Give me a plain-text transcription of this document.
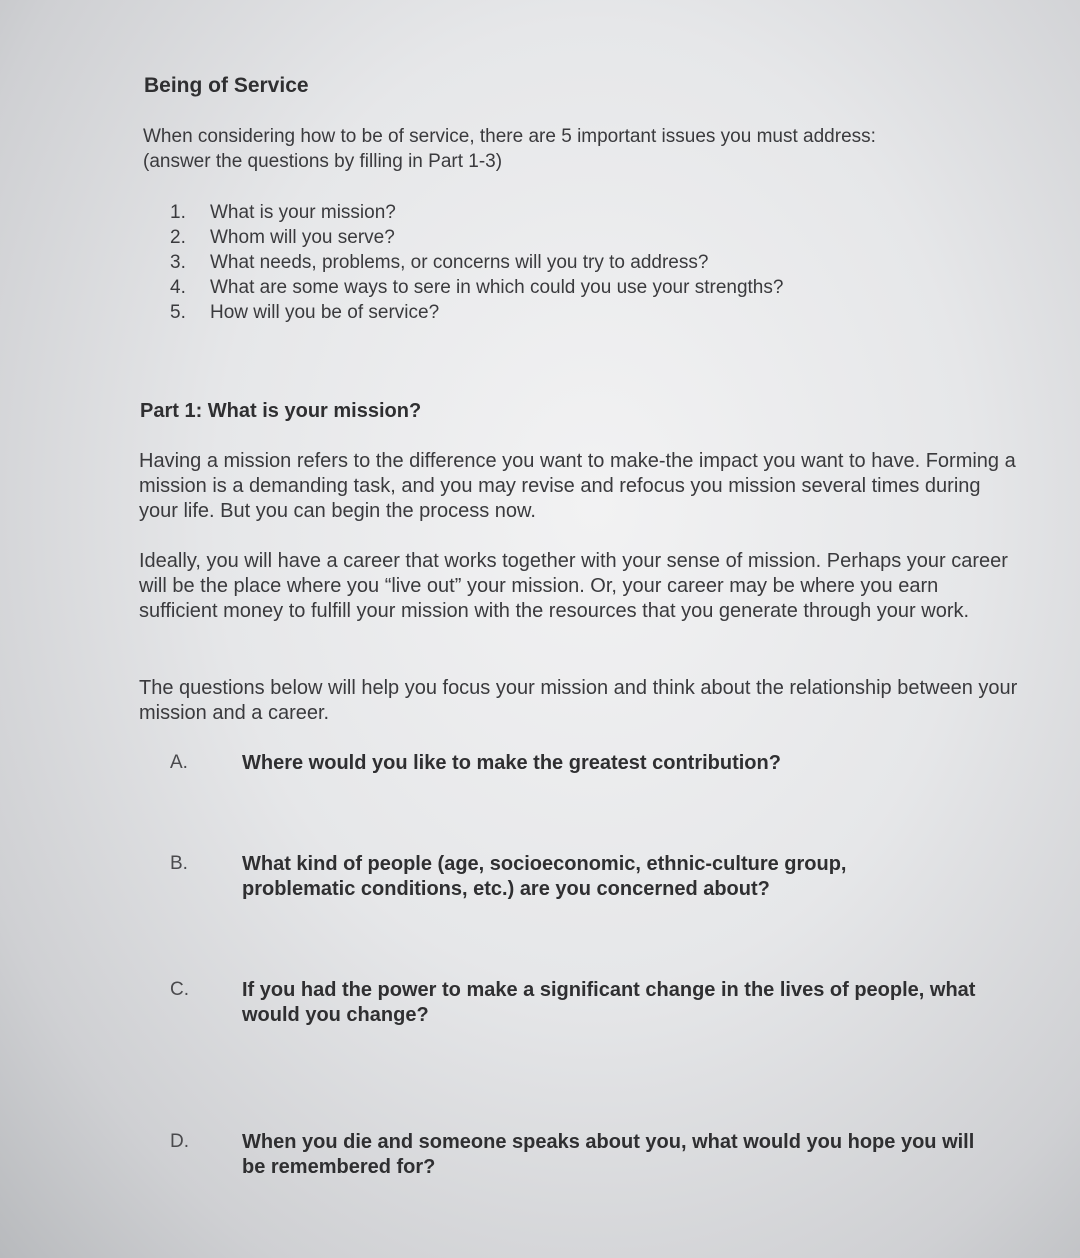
Being of Service
When considering how to be of service, there are 5 important issues you must address:
(answer the questions by filling in Part 1-3)
1.	What is your mission?
2.	Whom will you serve?
3.	What needs, problems, or concerns will you try to address?
4.	What are some ways to sere in which could you use your strengths?
5.	How will you be of service?
Part 1: What is your mission?
Having a mission refers to the difference you want to make-the impact you want to have. Forming a mission is a demanding task, and you may revise and refocus you mission several times during your life. But you can begin the process now.
Ideally, you will have a career that works together with your sense of mission. Perhaps your career will be the place where you “live out” your mission. Or, your career may be where you earn sufficient money to fulfill your mission with the resources that you generate through your work.
The questions below will help you focus your mission and think about the relationship between your mission and a career.
A.	Where would you like to make the greatest contribution?
B.	What kind of people (age, socioeconomic, ethnic-culture group, problematic conditions, etc.) are you concerned about?
C.	If you had the power to make a significant change in the lives of people, what would you change?
D.	When you die and someone speaks about you, what would you hope you will be remembered for?
